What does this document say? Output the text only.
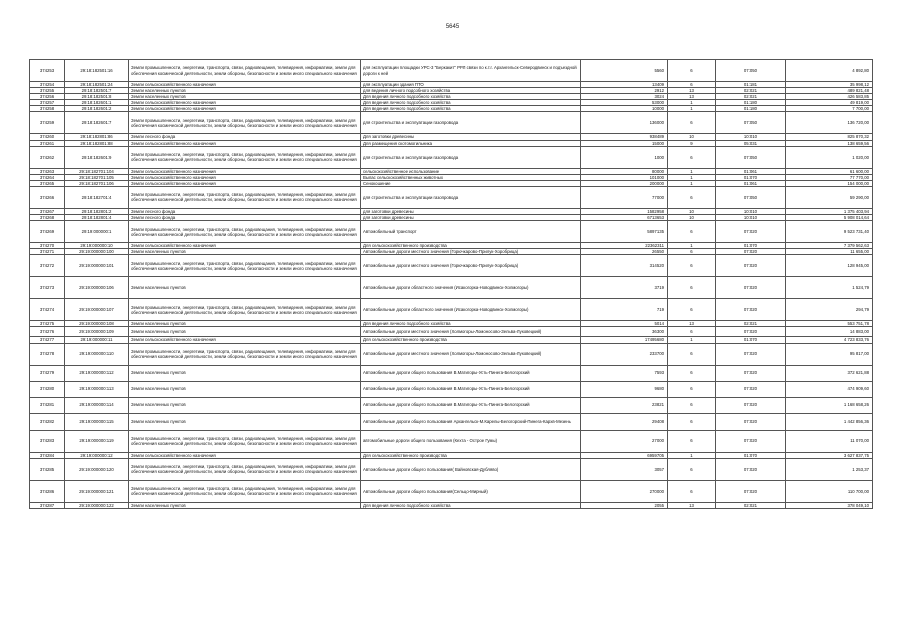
5645
374253	29:18:182501:16	Земли промышленности, энергетики, транспорта, связи, радиовещания, телевидения, информатики, земли для обеспечения космической деятельности, земли обороны, безопасности и земли иного специального назначения	для эксплуатации площадки УРС-3 "Беркакит" РРЛ связи по к.т.г. Архангельск-Северодвинск и подъездной дороги к ней	5560	6	07:050	4 892,80
374254	29:18:182501:24	Земли сельскохозяйственного назначения	для эксплуатации здания ПТО	13409	6	01:181	35 998,12
374255	29:18:182501:7	Земли населенных пунктов	для ведения личного подсобного хозяйства	2912	13	02:021	489 821,48
374256	29:18:182501:8	Земли населенных пунктов	Для ведения личного подсобного хозяйства	3024	13	02:021	426 583,85
374257	29:18:182601:1	Земли сельскохозяйственного назначения	Для ведения личного подсобного хозяйства	53000	1	01:180	49 819,00
374258	29:18:182601:2	Земли сельскохозяйственного назначения	Для ведения личного подсобного хозяйства	10000	1	01:180	7 700,00
374259	29:18:182601:7	Земли промышленности, энергетики, транспорта, связи, радиовещания, телевидения, информатики, земли для обеспечения космической деятельности, земли обороны, безопасности и земли иного специального назначения	для строительства и эксплуатации газопровода	136000	6	07:050	136 720,00
374260	29:18:182801:86	Земли лесного фонда	Для заготовки древесины	938489	10	10:010	825 870,32
374261	29:18:182801:88	Земли сельскохозяйственного назначения	Для размещения скотомогильника	15000	9	05:031	138 659,56
374262	29:18:182601:9	Земли промышленности, энергетики, транспорта, связи, радиовещания, телевидения, информатики, земли для обеспечения космической деятельности, земли обороны, безопасности и земли иного специального назначения	для строительства и эксплуатации газопровода	1000	6	07:050	1 020,00
374263	29:18:182701:104	Земли сельскохозяйственного назначения	сельскохозяйственное использование	80000	1	01:061	61 600,00
374264	29:18:182701:105	Земли сельскохозяйственного назначения	Выпас сельскохозяйственных животных	101000	1	01:070	77 770,00
374265	29:18:182701:106	Земли сельскохозяйственного назначения	Сенокошение	200000	1	01:061	154 000,00
374266	29:18:182701:4	Земли промышленности, энергетики, транспорта, связи, радиовещания, телевидения, информатики, земли для обеспечения космической деятельности, земли обороны, безопасности и земли иного специального назначения	для строительства и эксплуатации газопровода	77000	6	07:050	59 290,00
374267	29:18:182801:2	Земли лесного фонда	для заготовки древесины	1582958	10	10:010	1 375 403,94
374268	29:18:182801:4	Земли лесного фонда	для заготовки древесины	6713653	10	10:010	5 908 014,64
374269	29:19:000000:1	Земли промышленности, энергетики, транспорта, связи, радиовещания, телевидения, информатики, земли для обеспечения космической деятельности, земли обороны, безопасности и земли иного специального назначения	Автомобильный транспорт	5897135	6	07:020	9 523 731,40
374270	29:19:000000:10	Земли сельскохозяйственного назначения	Для сельскохозяйственного производства	22362311	1	01:070	7 379 562,63
374271	29:19:000000:100	Земли населенных пунктов	Автомобильные дороги местного значения (Горючкарово-Прилук-Хоробрица)	26550	6	07:020	11 655,00
374272	29:19:000000:101	Земли промышленности, энергетики, транспорта, связи, радиовещания, телевидения, информатики, земли для обеспечения космической деятельности, земли обороны, безопасности и земли иного специального назначения	Автомобильные дороги местного значения (Горючкарово-Прилук-Хоробрица)	314520	6	07:020	128 945,00
374273	29:19:000000:106	Земли населенных пунктов	Автомобильные дороги областного значения (Исакогорка-Новодвинск-Холмогоры)	3719	6	07:020	1 524,79
374274	29:19:000000:107	Земли промышленности, энергетики, транспорта, связи, радиовещания, телевидения, информатики, земли для обеспечения космической деятельности, земли обороны, безопасности и земли иного специального назначения	Автомобильные дороги областного значения (Исакогорка-Новодвинск-Холмогоры)	719	6	07:020	294,79
374275	29:19:000000:108	Земли населенных пунктов	Для ведения личного подсобного хозяйства	5014	13	02:021	553 751,78
374276	29:19:000000:109	Земли населенных пунктов	Автомобильные дороги местного значения (Холмогоры-Ломоносово-Зельва-Луковецкий)	36300	6	07:020	14 883,00
374277	29:19:000000:11	Земли сельскохозяйственного назначения	Для сельскохозяйственного производства	17495680	1	01:070	4 723 833,76
374278	29:19:000000:110	Земли промышленности, энергетики, транспорта, связи, радиовещания, телевидения, информатики, земли для обеспечения космической деятельности, земли обороны, безопасности и земли иного специального назначения	Автомобильные дороги местного значения (Холмогоры-Ломоносово-Зельва-Луковецкий)	233700	6	07:020	95 817,00
374279	29:19:000000:112	Земли населенных пунктов	Автомобильные дороги общего пользования В.Матигоры-Усть-Пинега-Белогорский	7593	6	07:020	372 621,88
374280	29:19:000000:113	Земли населенных пунктов	Автомобильные дороги общего пользования В.Матигоры-Усть-Пинега-Белогорский	9680	6	07:020	474 909,60
374281	29:19:000000:114	Земли населенных пунктов	Автомобильные дороги общего пользования В.Матигоры-Усть-Пинега-Белогорский	23821	6	07:020	1 168 658,26
374282	29:19:000000:115	Земли населенных пунктов	Автомобильные дороги общего пользования Архангельск-М.Карелы-Белогорский-Пинега-Кархв-Мезень	29408	6	07:020	1 442 856,36
374283	29:19:000000:119	Земли промышленности, энергетики, транспорта, связи, радиовещания, телевидения, информатики, земли для обеспечения космической деятельности, земли обороны, безопасности и земли иного специального назначения	автомобильные дороги общего пользования (Кехта - Острое Гумы)	27000	6	07:020	11 070,00
374284	29:19:000000:12	Земли сельскохозяйственного назначения	Для сельскохозяйственного производства	6959705	1	01:070	3 627 837,75
374285	29:19:000000:120	Земли промышленности, энергетики, транспорта, связи, радиовещания, телевидения, информатики, земли для обеспечения космической деятельности, земли обороны, безопасности и земли иного специального назначения	Автомобильные дороги общего пользования( Вайновская-Дубляво)	3057	6	07:020	1 253,37
374286	29:19:000000:121	Земли промышленности, энергетики, транспорта, связи, радиовещания, телевидения, информатики, земли для обеспечения космической деятельности, земли обороны, безопасности и земли иного специального назначения	Автомобильные дороги общего пользования(Сельцо-Мирный)	270000	6	07:020	110 700,00
374287	29:19:000000:122	Земли населенных пунктов	Для ведения личного подсобного хозяйства	2055	13	02:021	378 049,10
